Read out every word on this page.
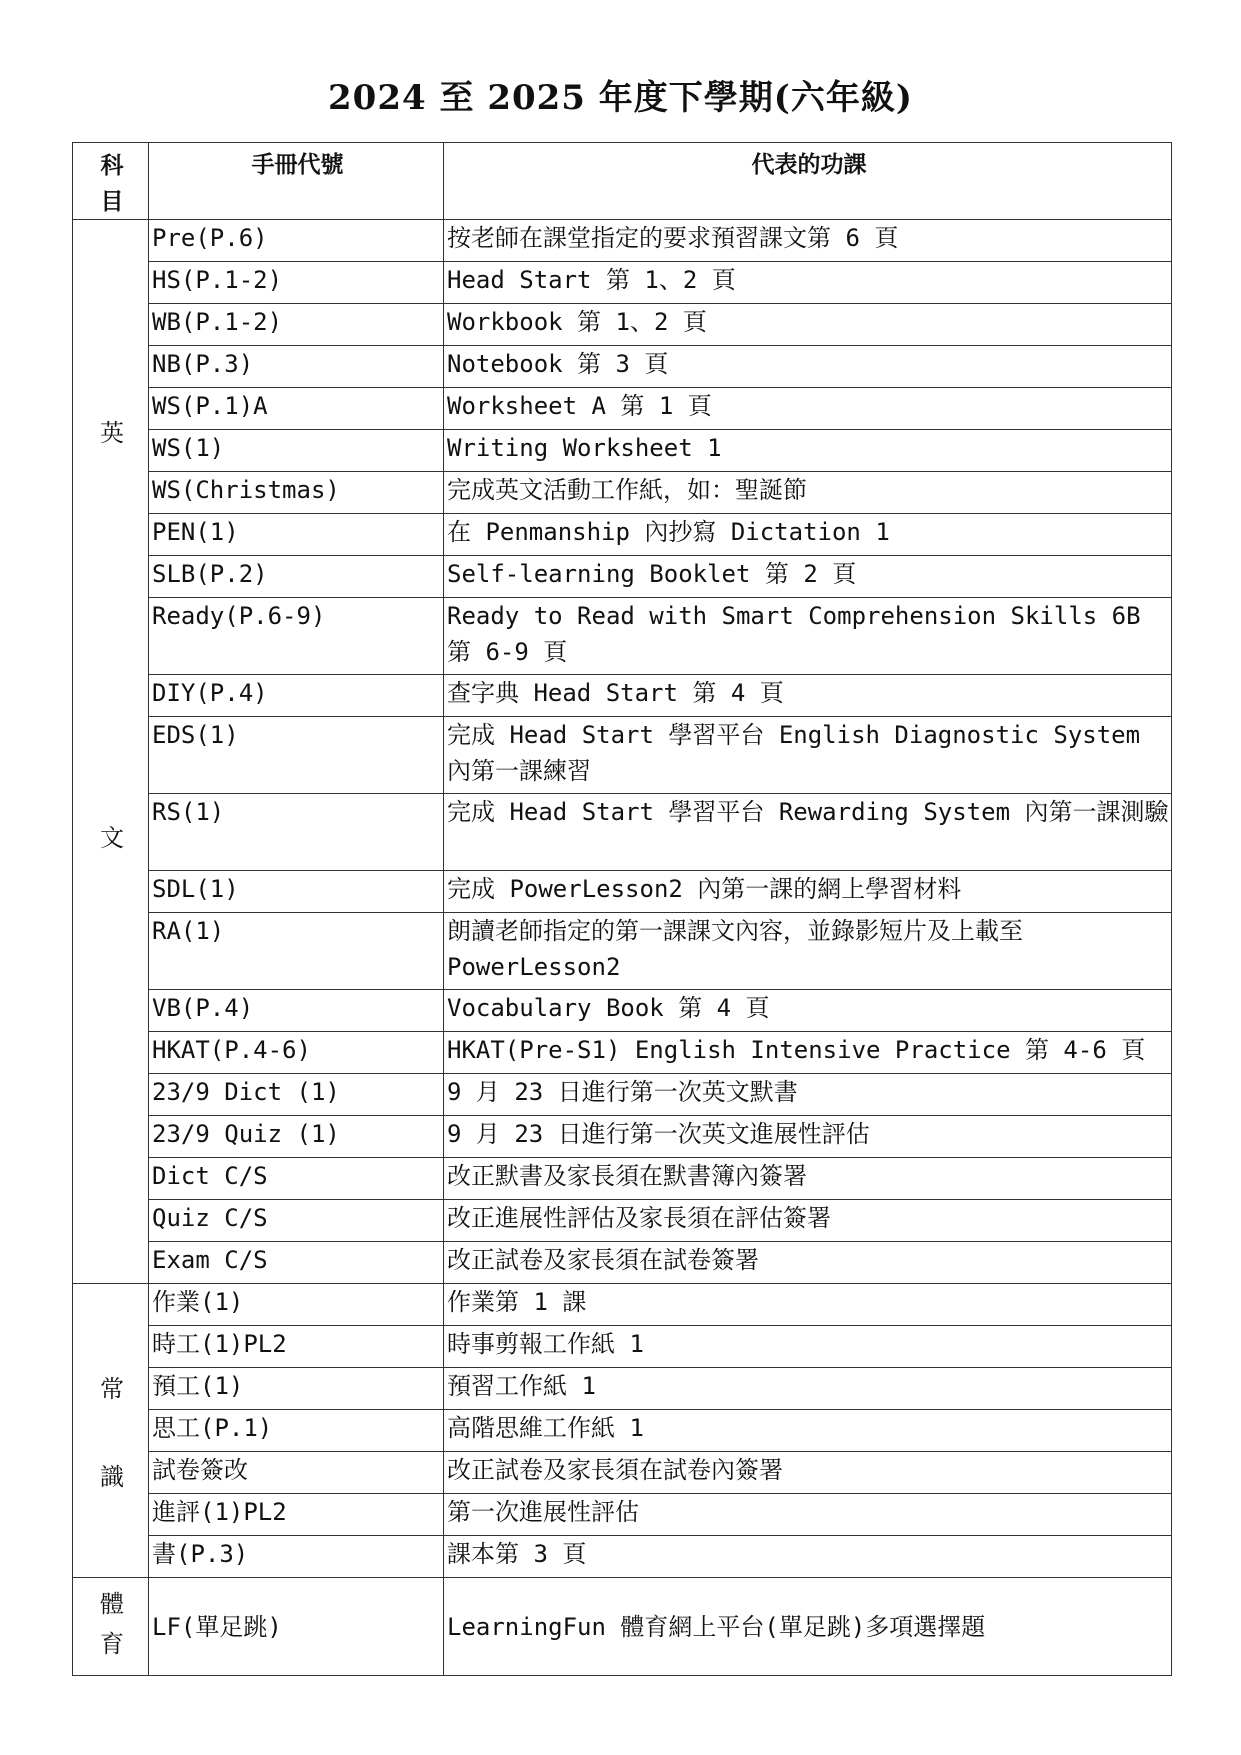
2024 至 2025 年度下學期(六年級)
科
目	手冊代號	代表的功課

英
文	Pre(P.6)	按老師在課堂指定的要求預習課文第 6 頁
	HS(P.1-2)	Head Start 第 1、2 頁
	WB(P.1-2)	Workbook 第 1、2 頁
	NB(P.3)	Notebook 第 3 頁
	WS(P.1)A	Worksheet A 第 1 頁
	WS(1)	Writing Worksheet 1
	WS(Christmas)	完成英文活動工作紙，如：聖誕節
	PEN(1)	在 Penmanship 內抄寫 Dictation 1
	SLB(P.2)	Self-learning Booklet 第 2 頁
	Ready(P.6-9)	Ready to Read with Smart Comprehension Skills 6B 第 6-9 頁
	DIY(P.4)	查字典 Head Start 第 4 頁
	EDS(1)	完成 Head Start 學習平台 English Diagnostic System 內第一課練習
	RS(1)	完成 Head Start 學習平台 Rewarding System 內第一課測驗
	SDL(1)	完成 PowerLesson2 內第一課的網上學習材料
	RA(1)	朗讀老師指定的第一課課文內容，並錄影短片及上載至 PowerLesson2
	VB(P.4)	Vocabulary Book 第 4 頁
	HKAT(P.4-6)	HKAT(Pre-S1) English Intensive Practice 第 4-6 頁
	23/9 Dict (1)	9 月 23 日進行第一次英文默書
	23/9 Quiz (1)	9 月 23 日進行第一次英文進展性評估
	Dict C/S	改正默書及家長須在默書簿內簽署
	Quiz C/S	改正進展性評估及家長須在評估簽署
	Exam C/S	改正試卷及家長須在試卷簽署

常
識	作業(1)	作業第 1 課
	時工(1)PL2	時事剪報工作紙 1
	預工(1)	預習工作紙 1
	思工(P.1)	高階思維工作紙 1
	試卷簽改	改正試卷及家長須在試卷內簽署
	進評(1)PL2	第一次進展性評估
	書(P.3)	課本第 3 頁

體
育	LF(單足跳)	LearningFun 體育網上平台(單足跳)多項選擇題
